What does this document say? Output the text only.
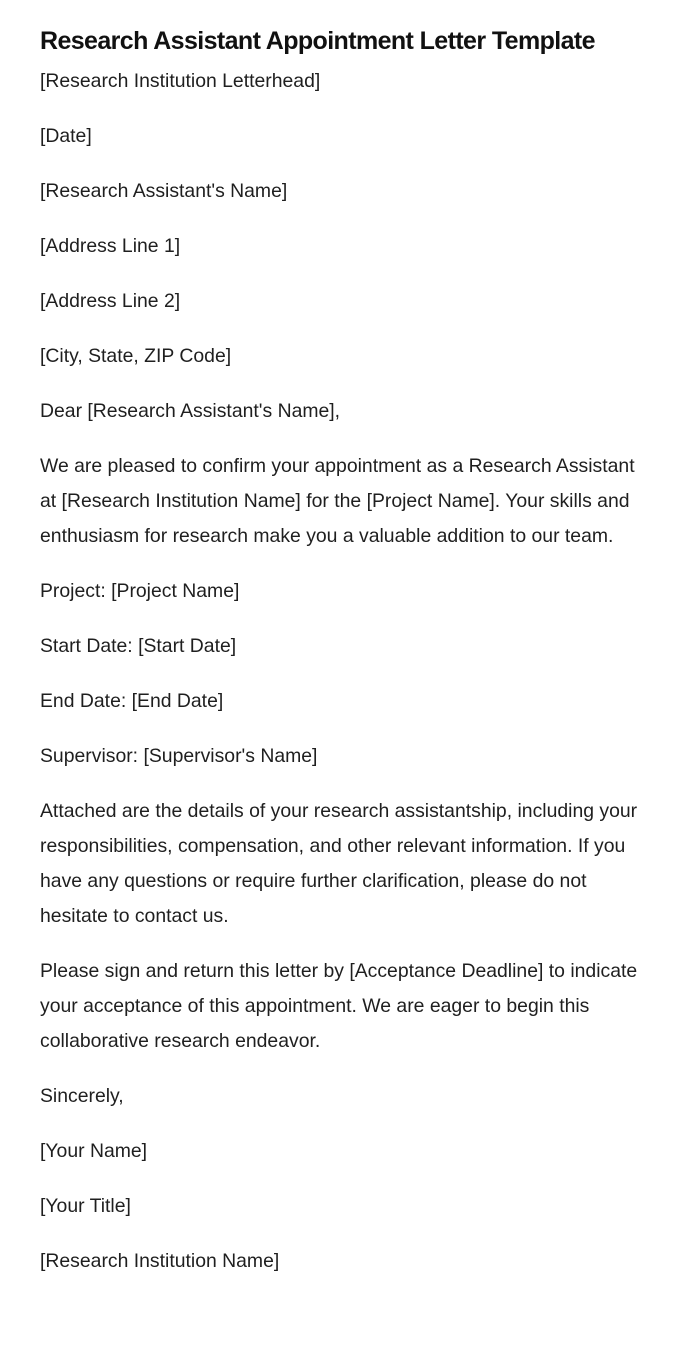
Research Assistant Appointment Letter Template

[Research Institution Letterhead]

[Date]

[Research Assistant's Name]

[Address Line 1]

[Address Line 2]

[City, State, ZIP Code]

Dear [Research Assistant's Name],

We are pleased to confirm your appointment as a Research Assistant at [Research Institution Name] for the [Project Name]. Your skills and enthusiasm for research make you a valuable addition to our team.

Project: [Project Name]

Start Date: [Start Date]

End Date: [End Date]

Supervisor: [Supervisor's Name]

Attached are the details of your research assistantship, including your responsibilities, compensation, and other relevant information. If you have any questions or require further clarification, please do not hesitate to contact us.

Please sign and return this letter by [Acceptance Deadline] to indicate your acceptance of this appointment. We are eager to begin this collaborative research endeavor.

Sincerely,

[Your Name]

[Your Title]

[Research Institution Name]
